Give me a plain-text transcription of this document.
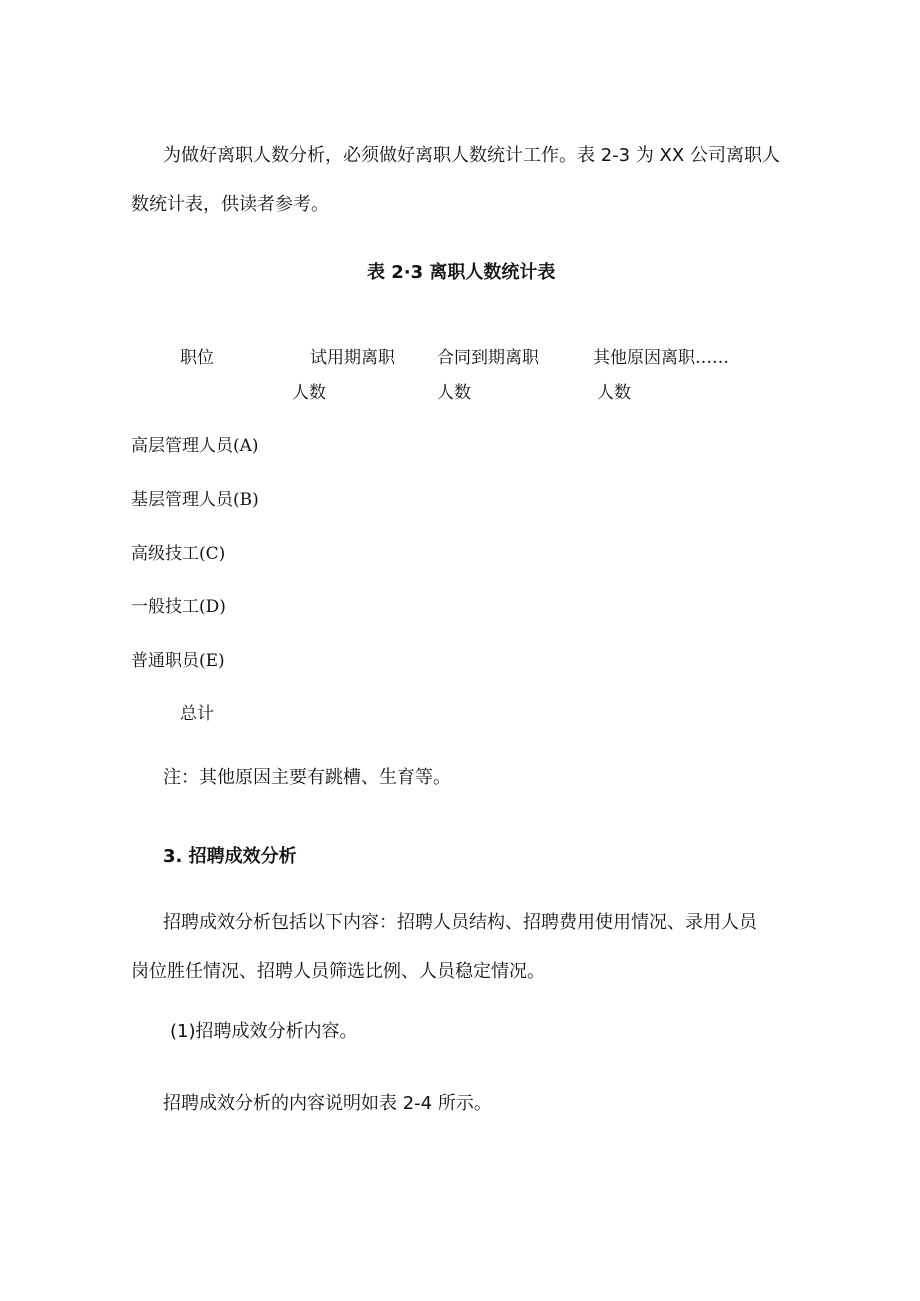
为做好离职人数分析，必须做好离职人数统计工作。表 2-3 为 XX 公司离职人
数统计表，供读者参考。
表 2·3 离职人数统计表
职位	试用期离职
人数
合同到期离职
人数
其他原因离职……
人数
高层管理人员(A)
基层管理人员(B)
高级技工(C)
一般技工(D)
普通职员(E)
总计
注：其他原因主要有跳槽、生育等。
3. 招聘成效分析
招聘成效分析包括以下内容：招聘人员结构、招聘费用使用情况、录用人员
岗位胜任情况、招聘人员筛选比例、人员稳定情况。
(1)招聘成效分析内容。
招聘成效分析的内容说明如表 2-4 所示。
